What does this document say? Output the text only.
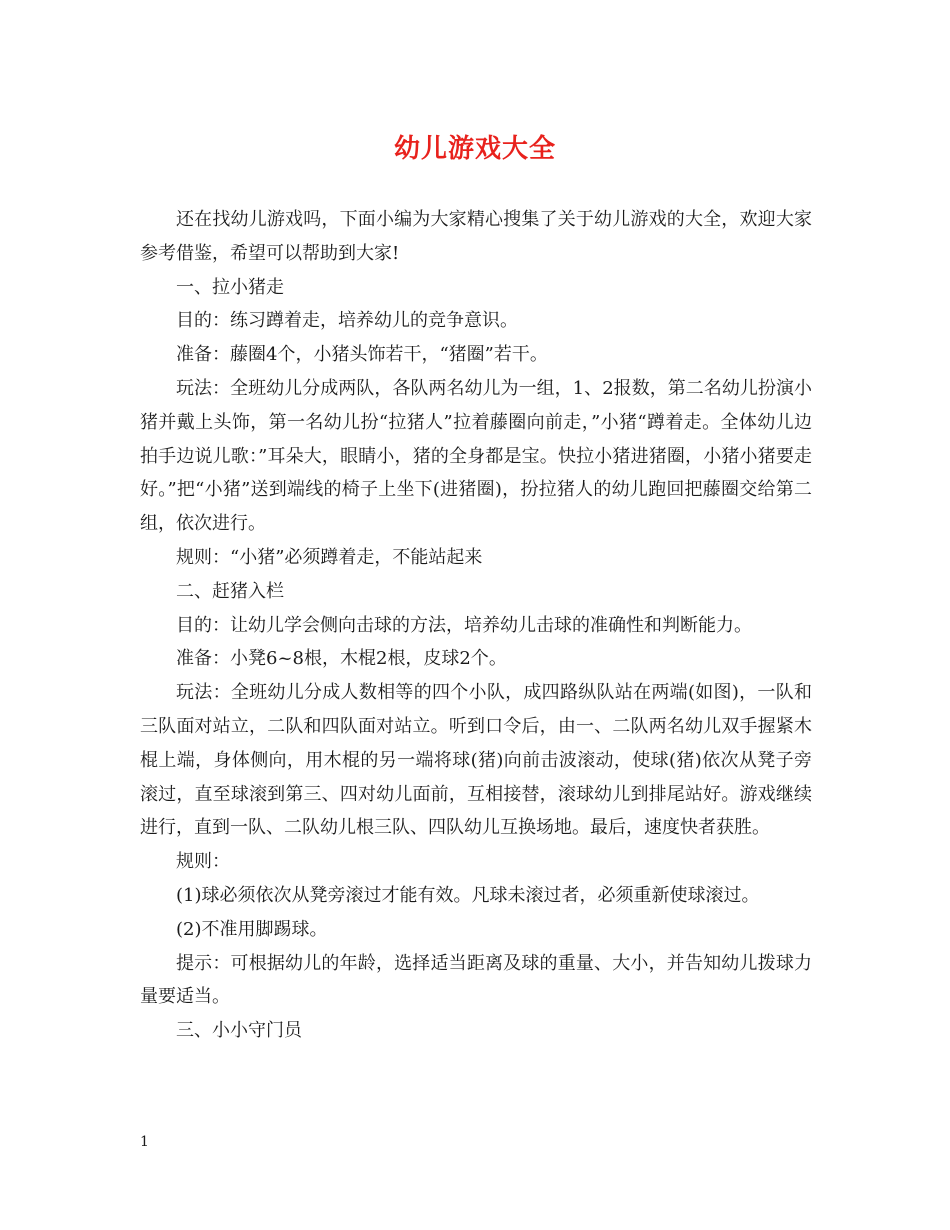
幼儿游戏大全

还在找幼儿游戏吗，下面小编为大家精心搜集了关于幼儿游戏的大全，欢迎大家参考借鉴，希望可以帮助到大家!

一、拉小猪走

目的：练习蹲着走，培养幼儿的竞争意识。

准备：藤圈4个，小猪头饰若干，“猪圈”若干。

玩法：全班幼儿分成两队，各队两名幼儿为一组，1、2报数，第二名幼儿扮演小猪并戴上头饰，第一名幼儿扮“拉猪人”拉着藤圈向前走，”小猪“蹲着走。全体幼儿边拍手边说儿歌：”耳朵大，眼睛小，猪的全身都是宝。快拉小猪进猪圈，小猪小猪要走好。”把“小猪”送到端线的椅子上坐下(进猪圈)，扮拉猪人的幼儿跑回把藤圈交给第二组，依次进行。

规则：“小猪”必须蹲着走，不能站起来

二、赶猪入栏

目的：让幼儿学会侧向击球的方法，培养幼儿击球的准确性和判断能力。

准备：小凳6~8根，木棍2根，皮球2个。

玩法：全班幼儿分成人数相等的四个小队，成四路纵队站在两端(如图)，一队和三队面对站立，二队和四队面对站立。听到口令后，由一、二队两名幼儿双手握紧木棍上端，身体侧向，用木棍的另一端将球(猪)向前击波滚动，使球(猪)依次从凳子旁滚过，直至球滚到第三、四对幼儿面前，互相接替，滚球幼儿到排尾站好。游戏继续进行，直到一队、二队幼儿根三队、四队幼儿互换场地。最后，速度快者获胜。

规则：

(1)球必须依次从凳旁滚过才能有效。凡球未滚过者，必须重新使球滚过。

(2)不准用脚踢球。

提示：可根据幼儿的年龄，选择适当距离及球的重量、大小，并告知幼儿拨球力量要适当。

三、小小守门员

1
